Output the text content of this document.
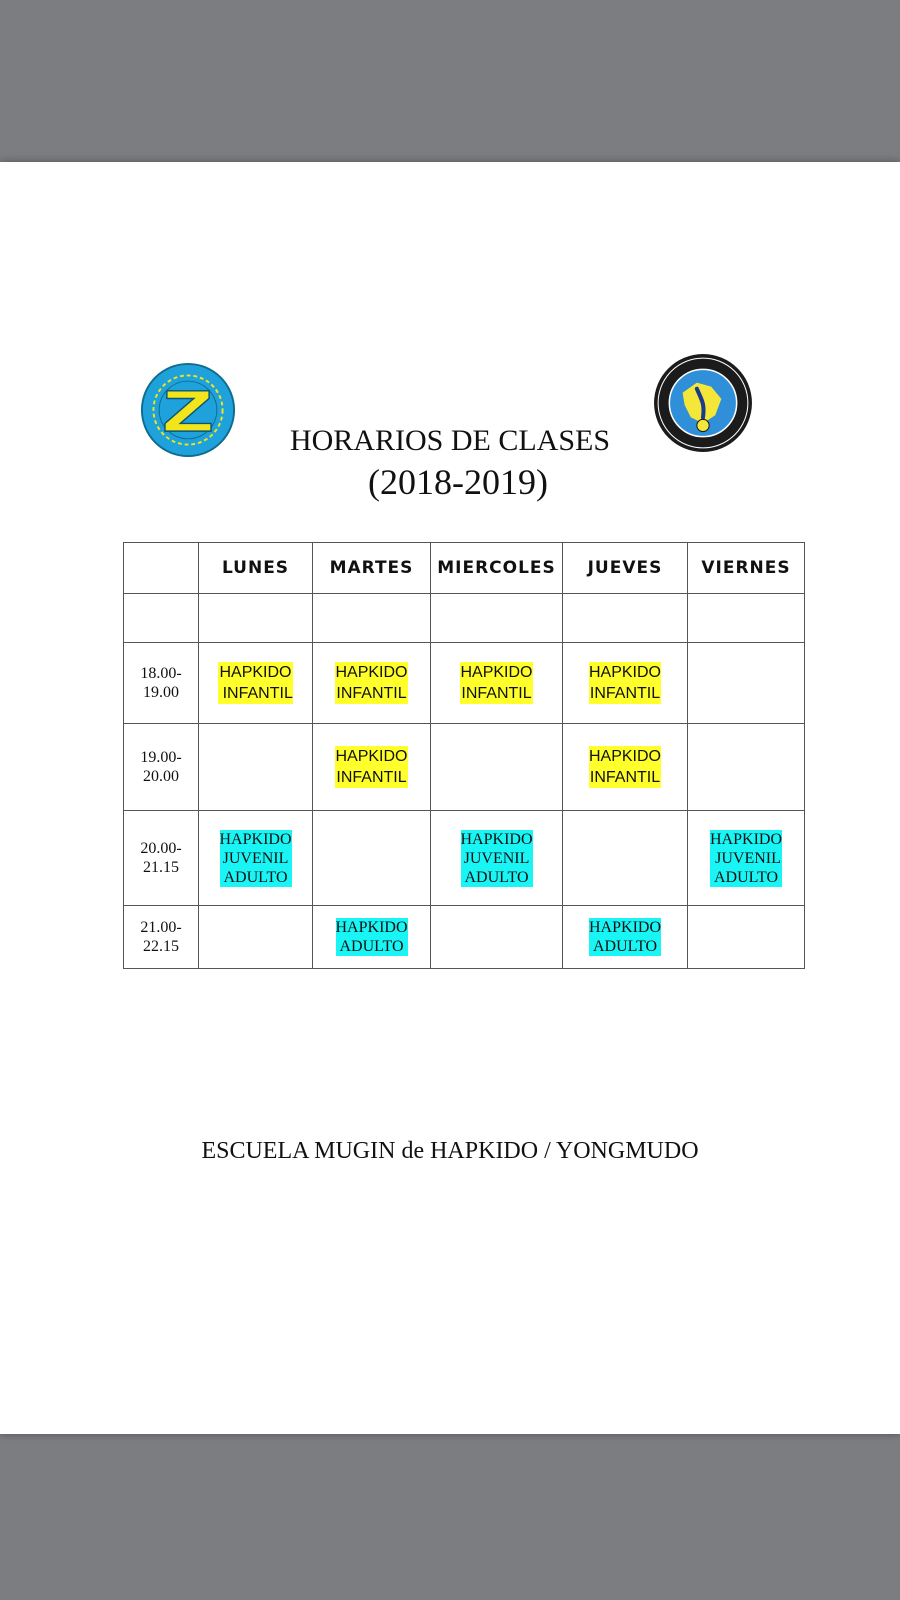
HORARIOS DE CLASES
(2018-2019)
	LUNES	MARTES	MIERCOLES	JUEVES	VIERNES

18.00-
19.00	HAPKIDO
INFANTIL	HAPKIDO
INFANTIL	HAPKIDO
INFANTIL	HAPKIDO
INFANTIL	
19.00-
20.00		HAPKIDO
INFANTIL		HAPKIDO
INFANTIL	
20.00-
21.15	HAPKIDO
JUVENIL
ADULTO		HAPKIDO
JUVENIL
ADULTO		HAPKIDO
JUVENIL
ADULTO
21.00-
22.15		HAPKIDO
ADULTO		HAPKIDO
ADULTO	
ESCUELA MUGIN de HAPKIDO / YONGMUDO
